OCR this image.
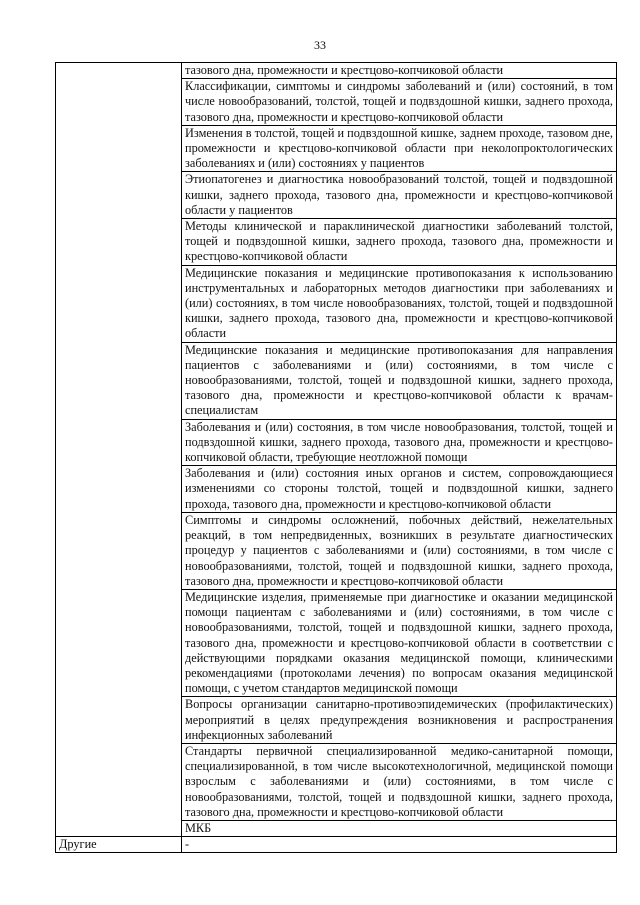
33

	тазового дна, промежности и крестцово-копчиковой области

	Классификации, симптомы и синдромы заболеваний и (или) состояний, в том числе новообразований, толстой, тощей и подвздошной кишки, заднего прохода, тазового дна, промежности и крестцово-копчиковой области

	Изменения в толстой, тощей и подвздошной кишке, заднем проходе, тазовом дне, промежности и крестцово-копчиковой области при неколопроктологических заболеваниях и (или) состояниях у пациентов

	Этиопатогенез и диагностика новообразований толстой, тощей и подвздошной кишки, заднего прохода, тазового дна, промежности и крестцово-копчиковой области у пациентов

	Методы клинической и параклинической диагностики заболеваний толстой, тощей и подвздошной кишки, заднего прохода, тазового дна, промежности и крестцово-копчиковой области

	Медицинские показания и медицинские противопоказания к использованию инструментальных и лабораторных методов диагностики при заболеваниях и (или) состояниях, в том числе новообразованиях, толстой, тощей и подвздошной кишки, заднего прохода, тазового дна, промежности и крестцово-копчиковой области

	Медицинские показания и медицинские противопоказания для направления пациентов с заболеваниями и (или) состояниями, в том числе с новообразованиями, толстой, тощей и подвздошной кишки, заднего прохода, тазового дна, промежности и крестцово-копчиковой области к врачам-специалистам

	Заболевания и (или) состояния, в том числе новообразования, толстой, тощей и подвздошной кишки, заднего прохода, тазового дна, промежности и крестцово-копчиковой области, требующие неотложной помощи

	Заболевания и (или) состояния иных органов и систем, сопровождающиеся изменениями со стороны толстой, тощей и подвздошной кишки, заднего прохода, тазового дна, промежности и крестцово-копчиковой области

	Симптомы и синдромы осложнений, побочных действий, нежелательных реакций, в том непредвиденных, возникших в результате диагностических процедур у пациентов с заболеваниями и (или) состояниями, в том числе с новообразованиями, толстой, тощей и подвздошной кишки, заднего прохода, тазового дна, промежности и крестцово-копчиковой области

	Медицинские изделия, применяемые при диагностике и оказании медицинской помощи пациентам с заболеваниями и (или) состояниями, в том числе с новообразованиями, толстой, тощей и подвздошной кишки, заднего прохода, тазового дна, промежности и крестцово-копчиковой области в соответствии с действующими порядками оказания медицинской помощи, клиническими рекомендациями (протоколами лечения) по вопросам оказания медицинской помощи, с учетом стандартов медицинской помощи

	Вопросы организации санитарно-противоэпидемических (профилактических) мероприятий в целях предупреждения возникновения и распространения инфекционных заболеваний

	Стандарты первичной специализированной медико-санитарной помощи, специализированной, в том числе высокотехнологичной, медицинской помощи взрослым с заболеваниями и (или) состояниями, в том числе с новообразованиями, толстой, тощей и подвздошной кишки, заднего прохода, тазового дна, промежности и крестцово-копчиковой области

	МКБ

Другие	-
